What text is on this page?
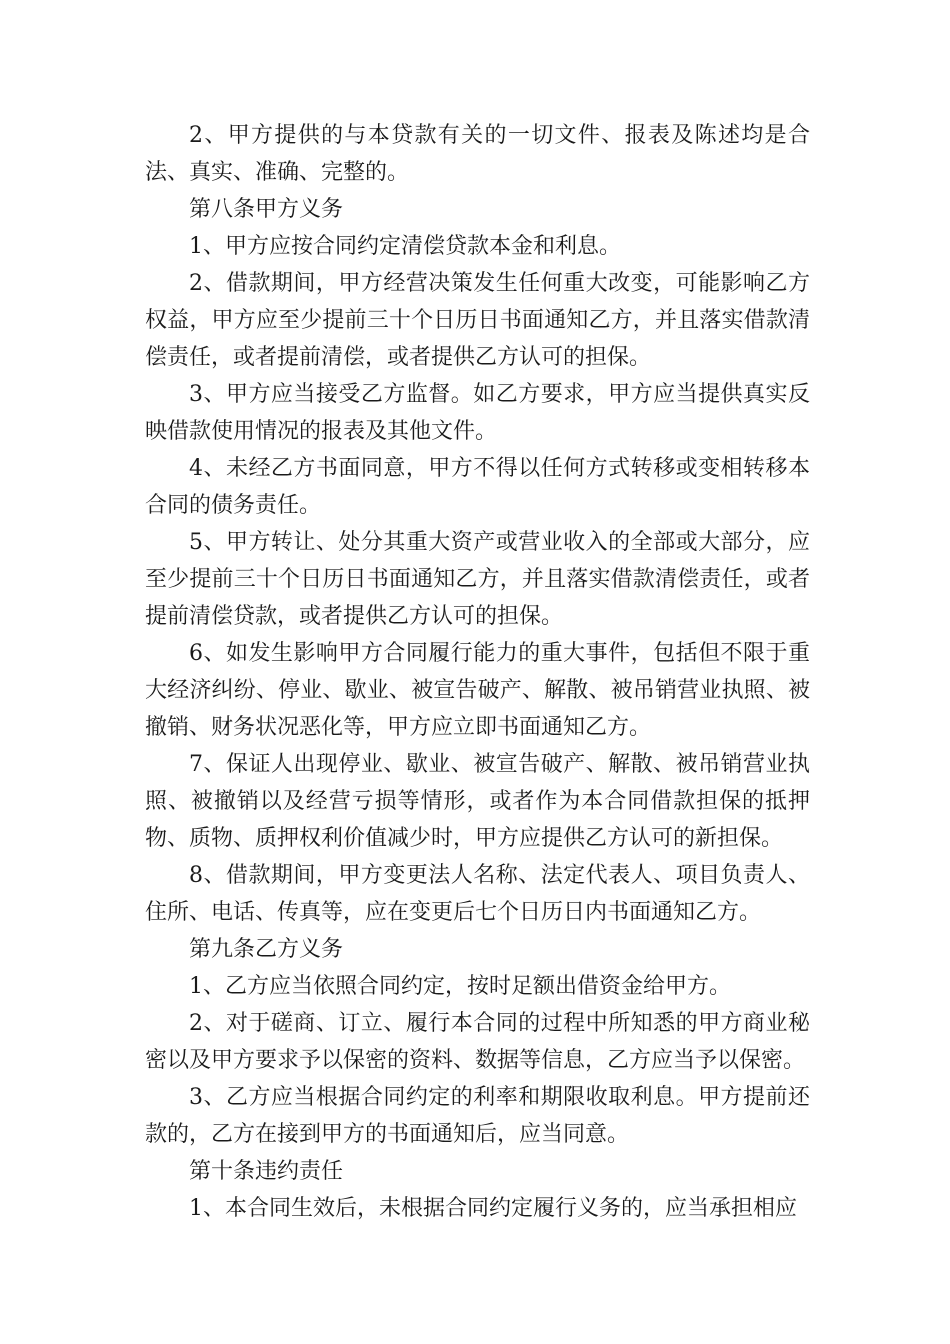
2、甲方提供的与本贷款有关的一切文件、报表及陈述均是合法、真实、准确、完整的。

第八条甲方义务

1、甲方应按合同约定清偿贷款本金和利息。

2、借款期间，甲方经营决策发生任何重大改变，可能影响乙方权益，甲方应至少提前三十个日历日书面通知乙方，并且落实借款清偿责任，或者提前清偿，或者提供乙方认可的担保。

3、甲方应当接受乙方监督。如乙方要求，甲方应当提供真实反映借款使用情况的报表及其他文件。

4、未经乙方书面同意，甲方不得以任何方式转移或变相转移本合同的债务责任。

5、甲方转让、处分其重大资产或营业收入的全部或大部分，应至少提前三十个日历日书面通知乙方，并且落实借款清偿责任，或者提前清偿贷款，或者提供乙方认可的担保。

6、如发生影响甲方合同履行能力的重大事件，包括但不限于重大经济纠纷、停业、歇业、被宣告破产、解散、被吊销营业执照、被撤销、财务状况恶化等，甲方应立即书面通知乙方。

7、保证人出现停业、歇业、被宣告破产、解散、被吊销营业执照、被撤销以及经营亏损等情形，或者作为本合同借款担保的抵押物、质物、质押权利价值减少时，甲方应提供乙方认可的新担保。

8、借款期间，甲方变更法人名称、法定代表人、项目负责人、住所、电话、传真等，应在变更后七个日历日内书面通知乙方。

第九条乙方义务

1、乙方应当依照合同约定，按时足额出借资金给甲方。

2、对于磋商、订立、履行本合同的过程中所知悉的甲方商业秘密以及甲方要求予以保密的资料、数据等信息，乙方应当予以保密。

3、乙方应当根据合同约定的利率和期限收取利息。甲方提前还款的，乙方在接到甲方的书面通知后，应当同意。

第十条违约责任

1、本合同生效后，未根据合同约定履行义务的，应当承担相应
